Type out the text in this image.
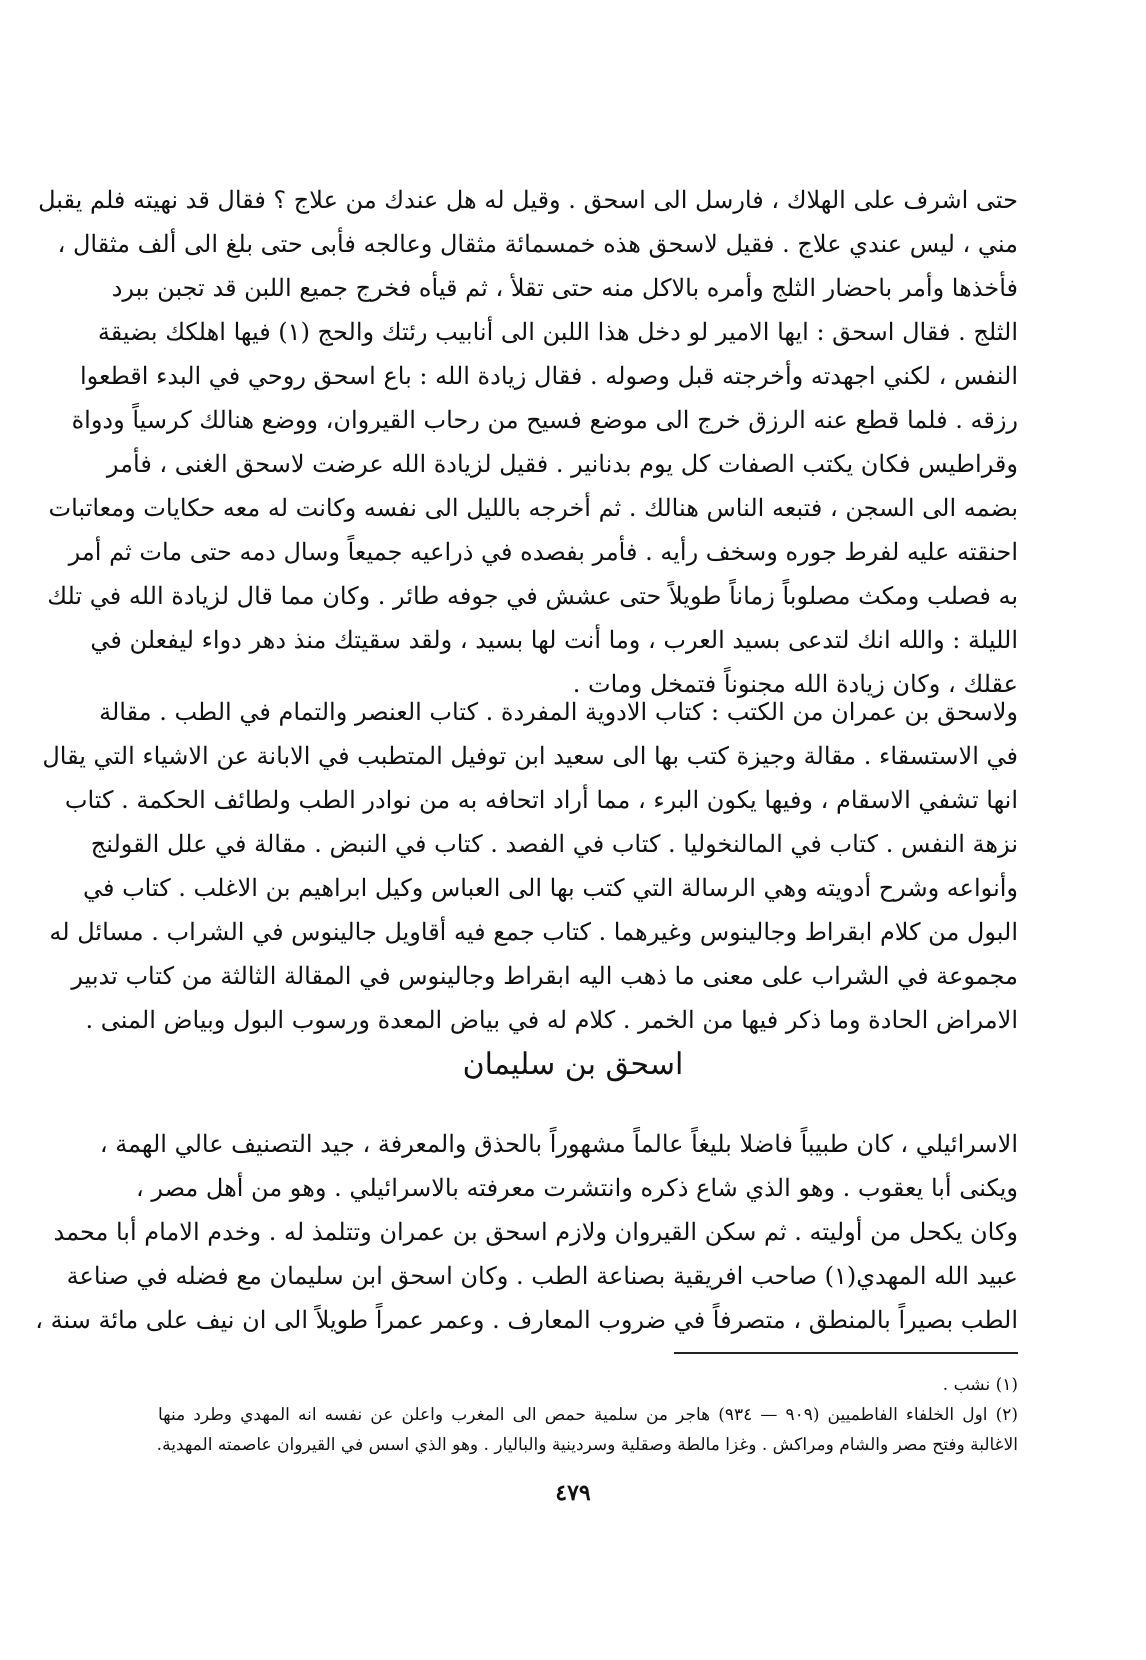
حتى اشرف على الهلاك ، فارسل الى اسحق . وقيل له هل عندك من علاج ؟ فقال قد نهيته فلم يقبل
مني ، ليس عندي علاج . فقيل لاسحق هذه خمسمائة مثقال وعالجه فأبى حتى بلغ الى ألف مثقال ،
فأخذها وأمر باحضار الثلج وأمره بالاكل منه حتى تقلأ ، ثم قيأه فخرج جميع اللبن قد تجبن ببرد
الثلج . فقال اسحق : ايها الامير لو دخل هذا اللبن الى أنابيب رئتك والحج (١) فيها اهلكك بضيقة
النفس ، لكني اجهدته وأخرجته قبل وصوله . فقال زيادة الله : باع اسحق روحي في البدء اقطعوا
رزقه . فلما قطع عنه الرزق خرج الى موضع فسيح من رحاب القيروان، ووضع هنالك كرسياً ودواة
وقراطيس فكان يكتب الصفات كل يوم بدنانير . فقيل لزيادة الله عرضت لاسحق الغنى ، فأمر
بضمه الى السجن ، فتبعه الناس هنالك . ثم أخرجه بالليل الى نفسه وكانت له معه حكايات ومعاتبات
احنقته عليه لفرط جوره وسخف رأيه . فأمر بفصده في ذراعيه جميعاً وسال دمه حتى مات ثم أمر
به فصلب ومكث مصلوباً زماناً طويلاً حتى عشش في جوفه طائر . وكان مما قال لزيادة الله في تلك
الليلة : والله انك لتدعى بسيد العرب ، وما أنت لها بسيد ، ولقد سقيتك منذ دهر دواء ليفعلن في
عقلك ، وكان زيادة الله مجنوناً فتمخل ومات .
ولاسحق بن عمران من الكتب : كتاب الادوية المفردة . كتاب العنصر والتمام في الطب . مقالة
في الاستسقاء . مقالة وجيزة كتب بها الى سعيد ابن توفيل المتطبب في الابانة عن الاشياء التي يقال
انها تشفي الاسقام ، وفيها يكون البرء ، مما أراد اتحافه به من نوادر الطب ولطائف الحكمة . كتاب
نزهة النفس . كتاب في المالنخوليا . كتاب في الفصد . كتاب في النبض . مقالة في علل القولنج
وأنواعه وشرح أدويته وهي الرسالة التي كتب بها الى العباس وكيل ابراهيم بن الاغلب . كتاب في
البول من كلام ابقراط وجالينوس وغيرهما . كتاب جمع فيه أقاويل جالينوس في الشراب . مسائل له
مجموعة في الشراب على معنى ما ذهب اليه ابقراط وجالينوس في المقالة الثالثة من كتاب تدبير
الامراض الحادة وما ذكر فيها من الخمر . كلام له في بياض المعدة ورسوب البول وبياض المنى .
اسحق بن سليمان
الاسرائيلي ، كان طبيباً فاضلا بليغاً عالماً مشهوراً بالحذق والمعرفة ، جيد التصنيف عالي الهمة ،
ويكنى أبا يعقوب . وهو الذي شاع ذكره وانتشرت معرفته بالاسرائيلي . وهو من أهل مصر ،
وكان يكحل من أوليته . ثم سكن القيروان ولازم اسحق بن عمران وتتلمذ له . وخدم الامام أبا محمد
عبيد الله المهدي(١) صاحب افريقية بصناعة الطب . وكان اسحق ابن سليمان مع فضله في صناعة
الطب بصيراً بالمنطق ، متصرفاً في ضروب المعارف . وعمر عمراً طويلاً الى ان نيف على مائة سنة ،
(١) نشب .
(٢) اول الخلفاء الفاطميين (٩٠٩ — ٩٣٤) هاجر من سلمية حمص الى المغرب واعلن عن نفسه انه المهدي وطرد منها
الاغالبة وفتح مصر والشام ومراكش . وغزا مالطة وصقلية وسردينية والباليار . وهو الذي اسس في القيروان عاصمته المهدية.
٤٧٩
